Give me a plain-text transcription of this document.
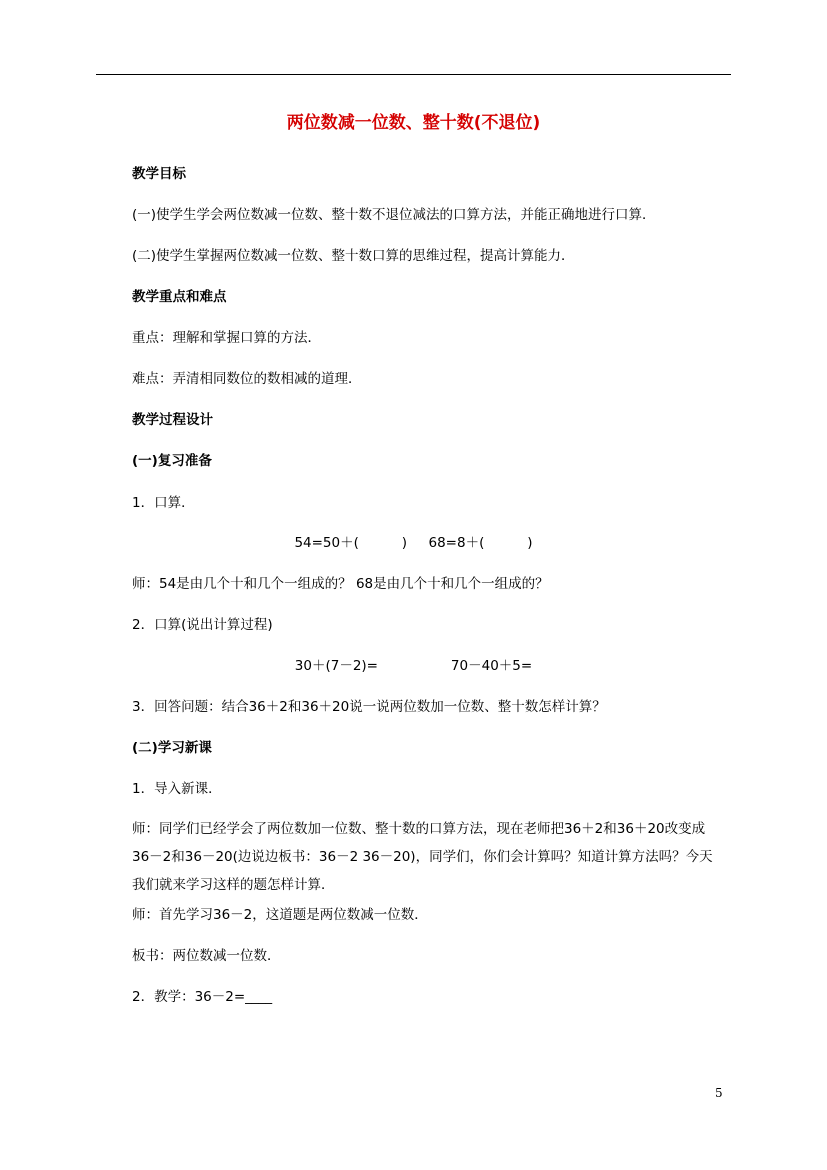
两位数减一位数、整十数(不退位)
教学目标
(一)使学生学会两位数减一位数、整十数不退位减法的口算方法，并能正确地进行口算．
(二)使学生掌握两位数减一位数、整十数口算的思维过程，提高计算能力．
教学重点和难点
重点：理解和掌握口算的方法．
难点：弄清相同数位的数相减的道理．
教学过程设计
(一)复习准备
1．口算．
54=50＋(          )     68=8＋(          )
师：54是由几个十和几个一组成的？ 68是由几个十和几个一组成的？
2．口算(说出计算过程)
30＋(7－2)=                 70－40＋5=
3．回答问题：结合36＋2和36＋20说一说两位数加一位数、整十数怎样计算？
(二)学习新课
1．导入新课．
师：同学们已经学会了两位数加一位数、整十数的口算方法，现在老师把36＋2和36＋20改变成36－2和36－20(边说边板书：36－2 36－20)，同学们，你们会计算吗？知道计算方法吗？今天我们就来学习这样的题怎样计算．
师：首先学习36－2，这道题是两位数减一位数．
板书：两位数减一位数．
2．教学：36－2=____
5
